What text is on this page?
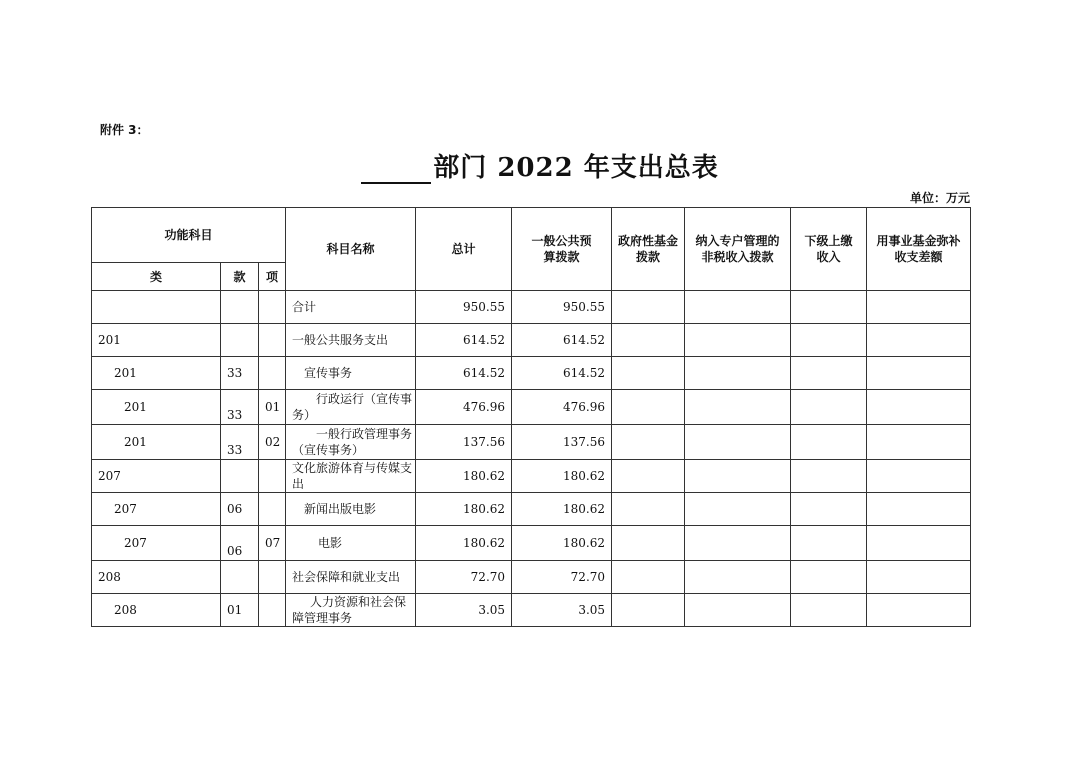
附件 3：
部门 2022 年支出总表
单位：万元
功能科目			科目名称	总计	一般公共预算拨款	政府性基金拨款	纳入专户管理的非税收入拨款	下级上缴收入	用事业基金弥补收支差额
类	款	项							
			合计	950.55	950.55				
201			一般公共服务支出	614.52	614.52				
201	33		宣传事务	614.52	614.52				
201	33	01	行政运行（宣传事务）	476.96	476.96				
201	33	02	一般行政管理事务（宣传事务）	137.56	137.56				
207			文化旅游体育与传媒支出	180.62	180.62				
207	06		新闻出版电影	180.62	180.62				
207	06	07	电影	180.62	180.62				
208			社会保障和就业支出	72.70	72.70				
208	01		人力资源和社会保障管理事务	3.05	3.05				
